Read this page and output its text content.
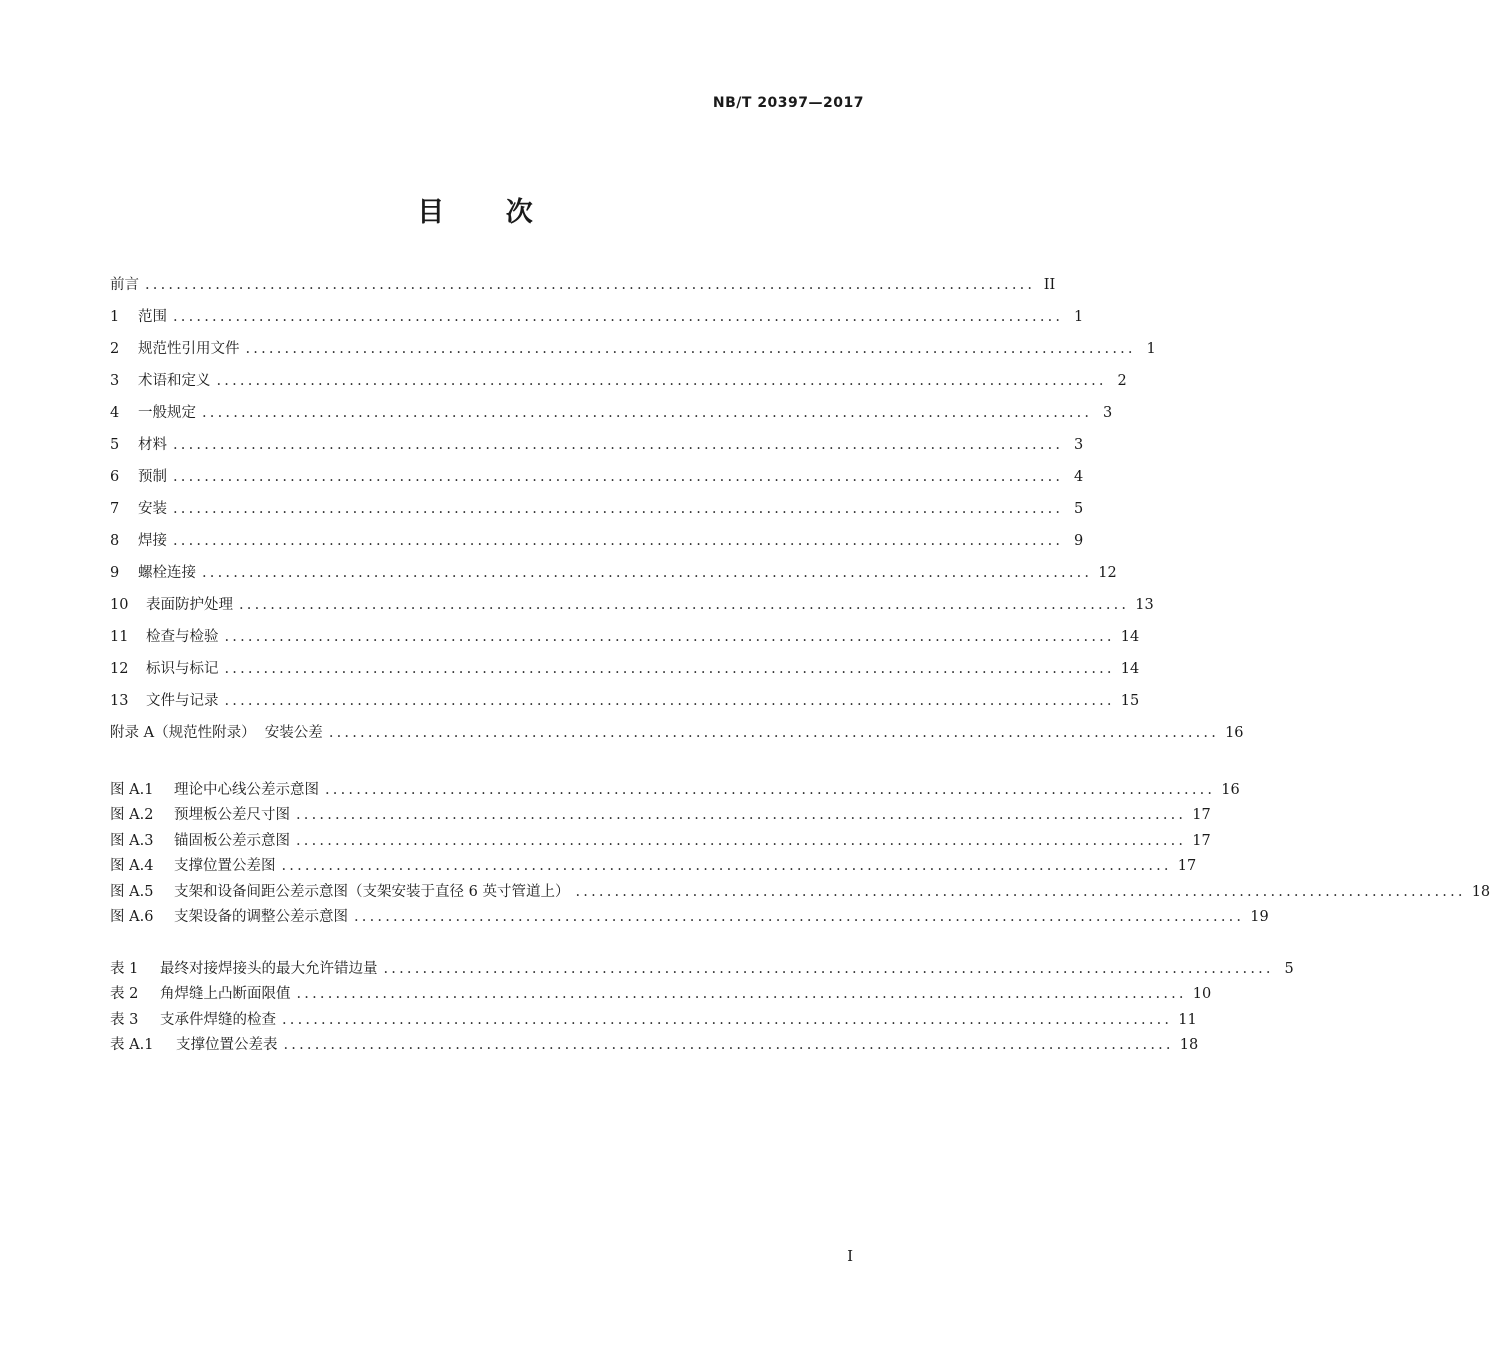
NB/T 20397—2017
目 次
前言 .................................................................................................................. II
1	范围 .................................................................................................................. 1
2	规范性引用文件 .................................................................................................................. 1
3	术语和定义 .................................................................................................................. 2
4	一般规定 .................................................................................................................. 3
5	材料 .................................................................................................................. 3
6	预制 .................................................................................................................. 4
7	安装 .................................................................................................................. 5
8	焊接 .................................................................................................................. 9
9	螺栓连接 .................................................................................................................. 12
10	表面防护处理 .................................................................................................................. 13
11	检查与检验 .................................................................................................................. 14
12	标识与标记 .................................................................................................................. 14
13	文件与记录 .................................................................................................................. 15
附录 A（规范性附录）  安装公差 .................................................................................................................. 16
图 A.1	理论中心线公差示意图 .................................................................................................................. 16
图 A.2	预埋板公差尺寸图 .................................................................................................................. 17
图 A.3	锚固板公差示意图 .................................................................................................................. 17
图 A.4	支撑位置公差图 .................................................................................................................. 17
图 A.5	支架和设备间距公差示意图（支架安装于直径 6 英寸管道上） .................................................................................................................. 18
图 A.6	支架设备的调整公差示意图 .................................................................................................................. 19
表 1	最终对接焊接头的最大允许错边量 .................................................................................................................. 5
表 2	角焊缝上凸断面限值 .................................................................................................................. 10
表 3	支承件焊缝的检查 .................................................................................................................. 11
表 A.1	支撑位置公差表 .................................................................................................................. 18
I
